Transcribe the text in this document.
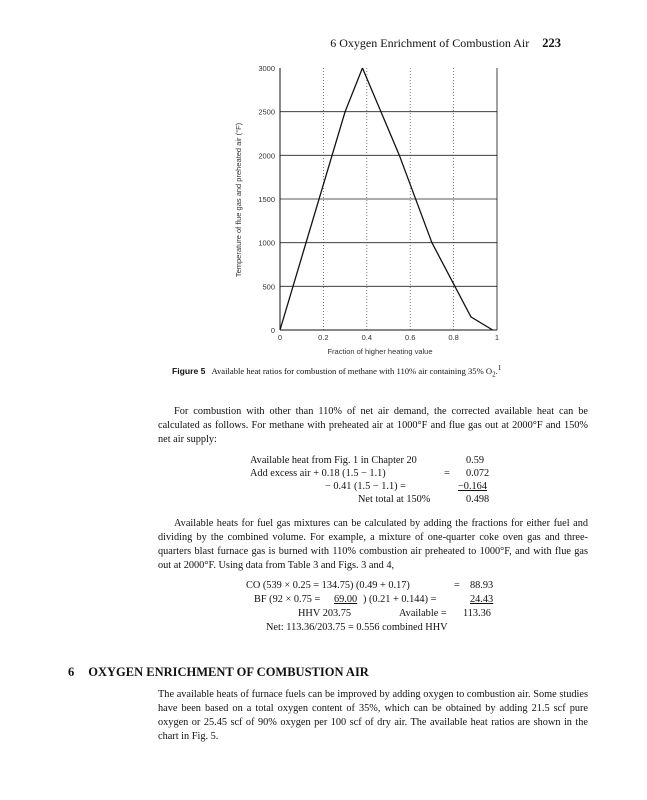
6 Oxygen Enrichment of Combustion Air 223
0	0.2	0.4	0.6	0.8	1
0
500
1000
1500
2000
2500
3000
Fraction of higher heating value
Temperature of flue gas and preheated air (°F)
Figure 5 Available heat ratios for combustion of methane with 110% air containing 35% $O_2.^1$

For combustion with other than 110% of net air demand, the corrected available heat can be calculated as follows. For methane with preheated air at 1000°F and flue gas out at 2000°F and 150% net air supply:

Available heat from Fig. 1 in Chapter 20	0.59
Add excess air + 0.18 (1.5 − 1.1)	= 0.072
− 0.41 (1.5 − 1.1) =	−0.164
Net total at 150%	0.498

Available heats for fuel gas mixtures can be calculated by adding the fractions for either fuel and dividing by the combined volume. For example, a mixture of one-quarter coke oven gas and three-quarters blast furnace gas is burned with 110% combustion air preheated to 1000°F, and with flue gas out at 2000°F. Using data from Table 3 and Figs. 3 and 4,

CO (539 × 0.25 = 134.75) (0.49 + 0.17)	= 88.93
BF (92 × 0.75 = 69.00 ) (0.21 + 0.144) =	24.43
HHV 203.75	Available = 113.36
Net: 113.36/203.75 = 0.556 combined HHV
6 OXYGEN ENRICHMENT OF COMBUSTION AIR

The available heats of furnace fuels can be improved by adding oxygen to combustion air. Some studies have been based on a total oxygen content of 35%, which can be obtained by adding 21.5 scf pure oxygen or 25.45 scf of 90% oxygen per 100 scf of dry air. The available heat ratios are shown in the chart in Fig. 5.
